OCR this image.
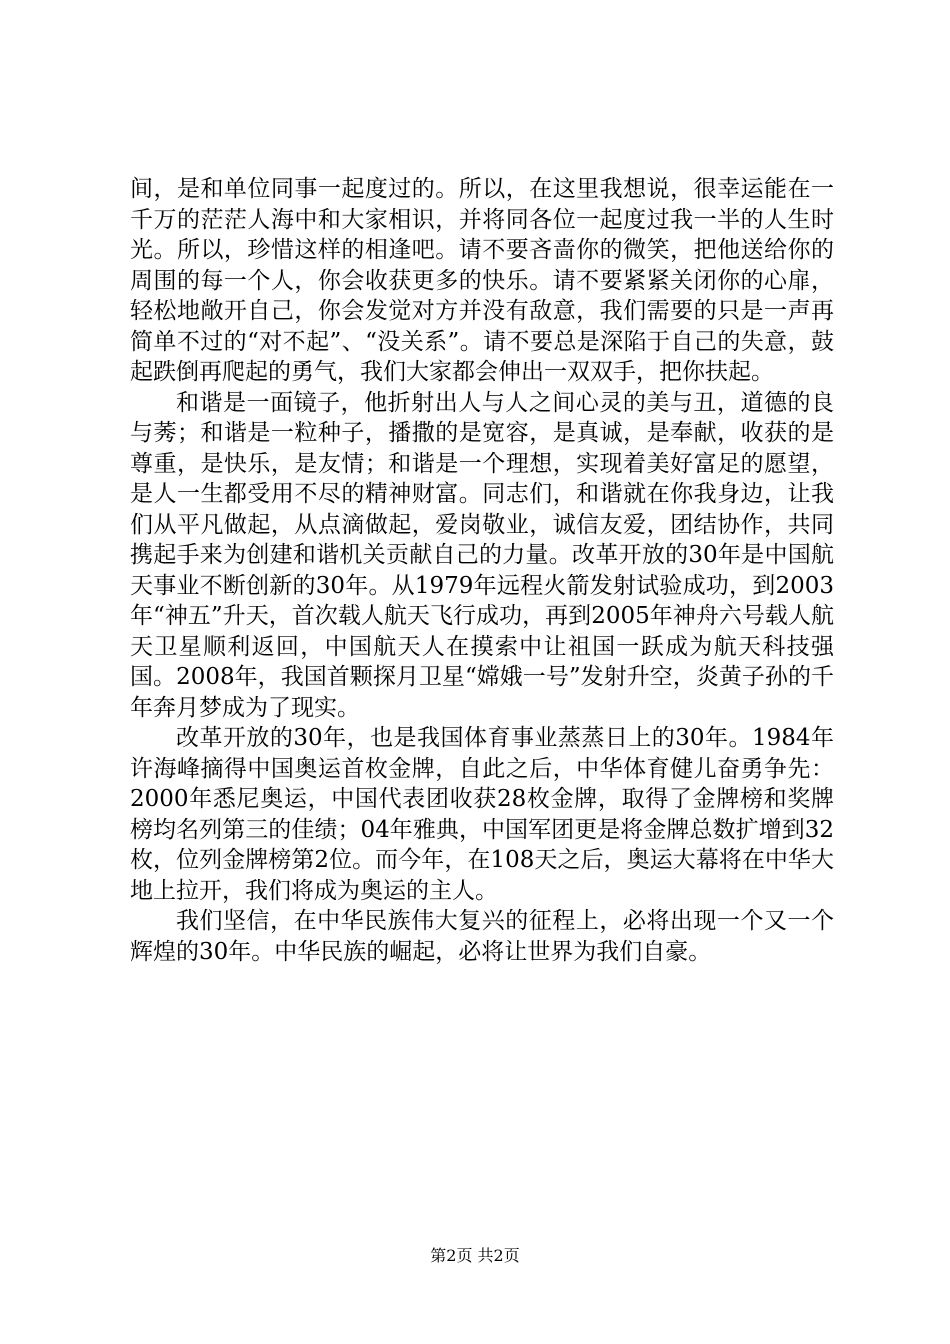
间，是和单位同事一起度过的。所以，在这里我想说，很幸运能在一千万的茫茫人海中和大家相识，并将同各位一起度过我一半的人生时光。所以，珍惜这样的相逢吧。请不要吝啬你的微笑，把他送给你的周围的每一个人，你会收获更多的快乐。请不要紧紧关闭你的心扉，轻松地敞开自己，你会发觉对方并没有敌意，我们需要的只是一声再简单不过的“对不起”、“没关系”。请不要总是深陷于自己的失意，鼓起跌倒再爬起的勇气，我们大家都会伸出一双双手，把你扶起。

和谐是一面镜子，他折射出人与人之间心灵的美与丑，道德的良与莠；和谐是一粒种子，播撒的是宽容，是真诚，是奉献，收获的是尊重，是快乐，是友情；和谐是一个理想，实现着美好富足的愿望，是人一生都受用不尽的精神财富。同志们，和谐就在你我身边，让我们从平凡做起，从点滴做起，爱岗敬业，诚信友爱，团结协作，共同携起手来为创建和谐机关贡献自己的力量。改革开放的30年是中国航天事业不断创新的30年。从1979年远程火箭发射试验成功，到2003年“神五”升天，首次载人航天飞行成功，再到2005年神舟六号载人航天卫星顺利返回，中国航天人在摸索中让祖国一跃成为航天科技强国。2008年，我国首颗探月卫星“嫦娥一号”发射升空，炎黄子孙的千年奔月梦成为了现实。

改革开放的30年，也是我国体育事业蒸蒸日上的30年。1984年许海峰摘得中国奥运首枚金牌，自此之后，中华体育健儿奋勇争先：2000年悉尼奥运，中国代表团收获28枚金牌，取得了金牌榜和奖牌榜均名列第三的佳绩；04年雅典，中国军团更是将金牌总数扩增到32枚，位列金牌榜第2位。而今年，在108天之后，奥运大幕将在中华大地上拉开，我们将成为奥运的主人。

我们坚信，在中华民族伟大复兴的征程上，必将出现一个又一个辉煌的30年。中华民族的崛起，必将让世界为我们自豪。

第2页 共2页
